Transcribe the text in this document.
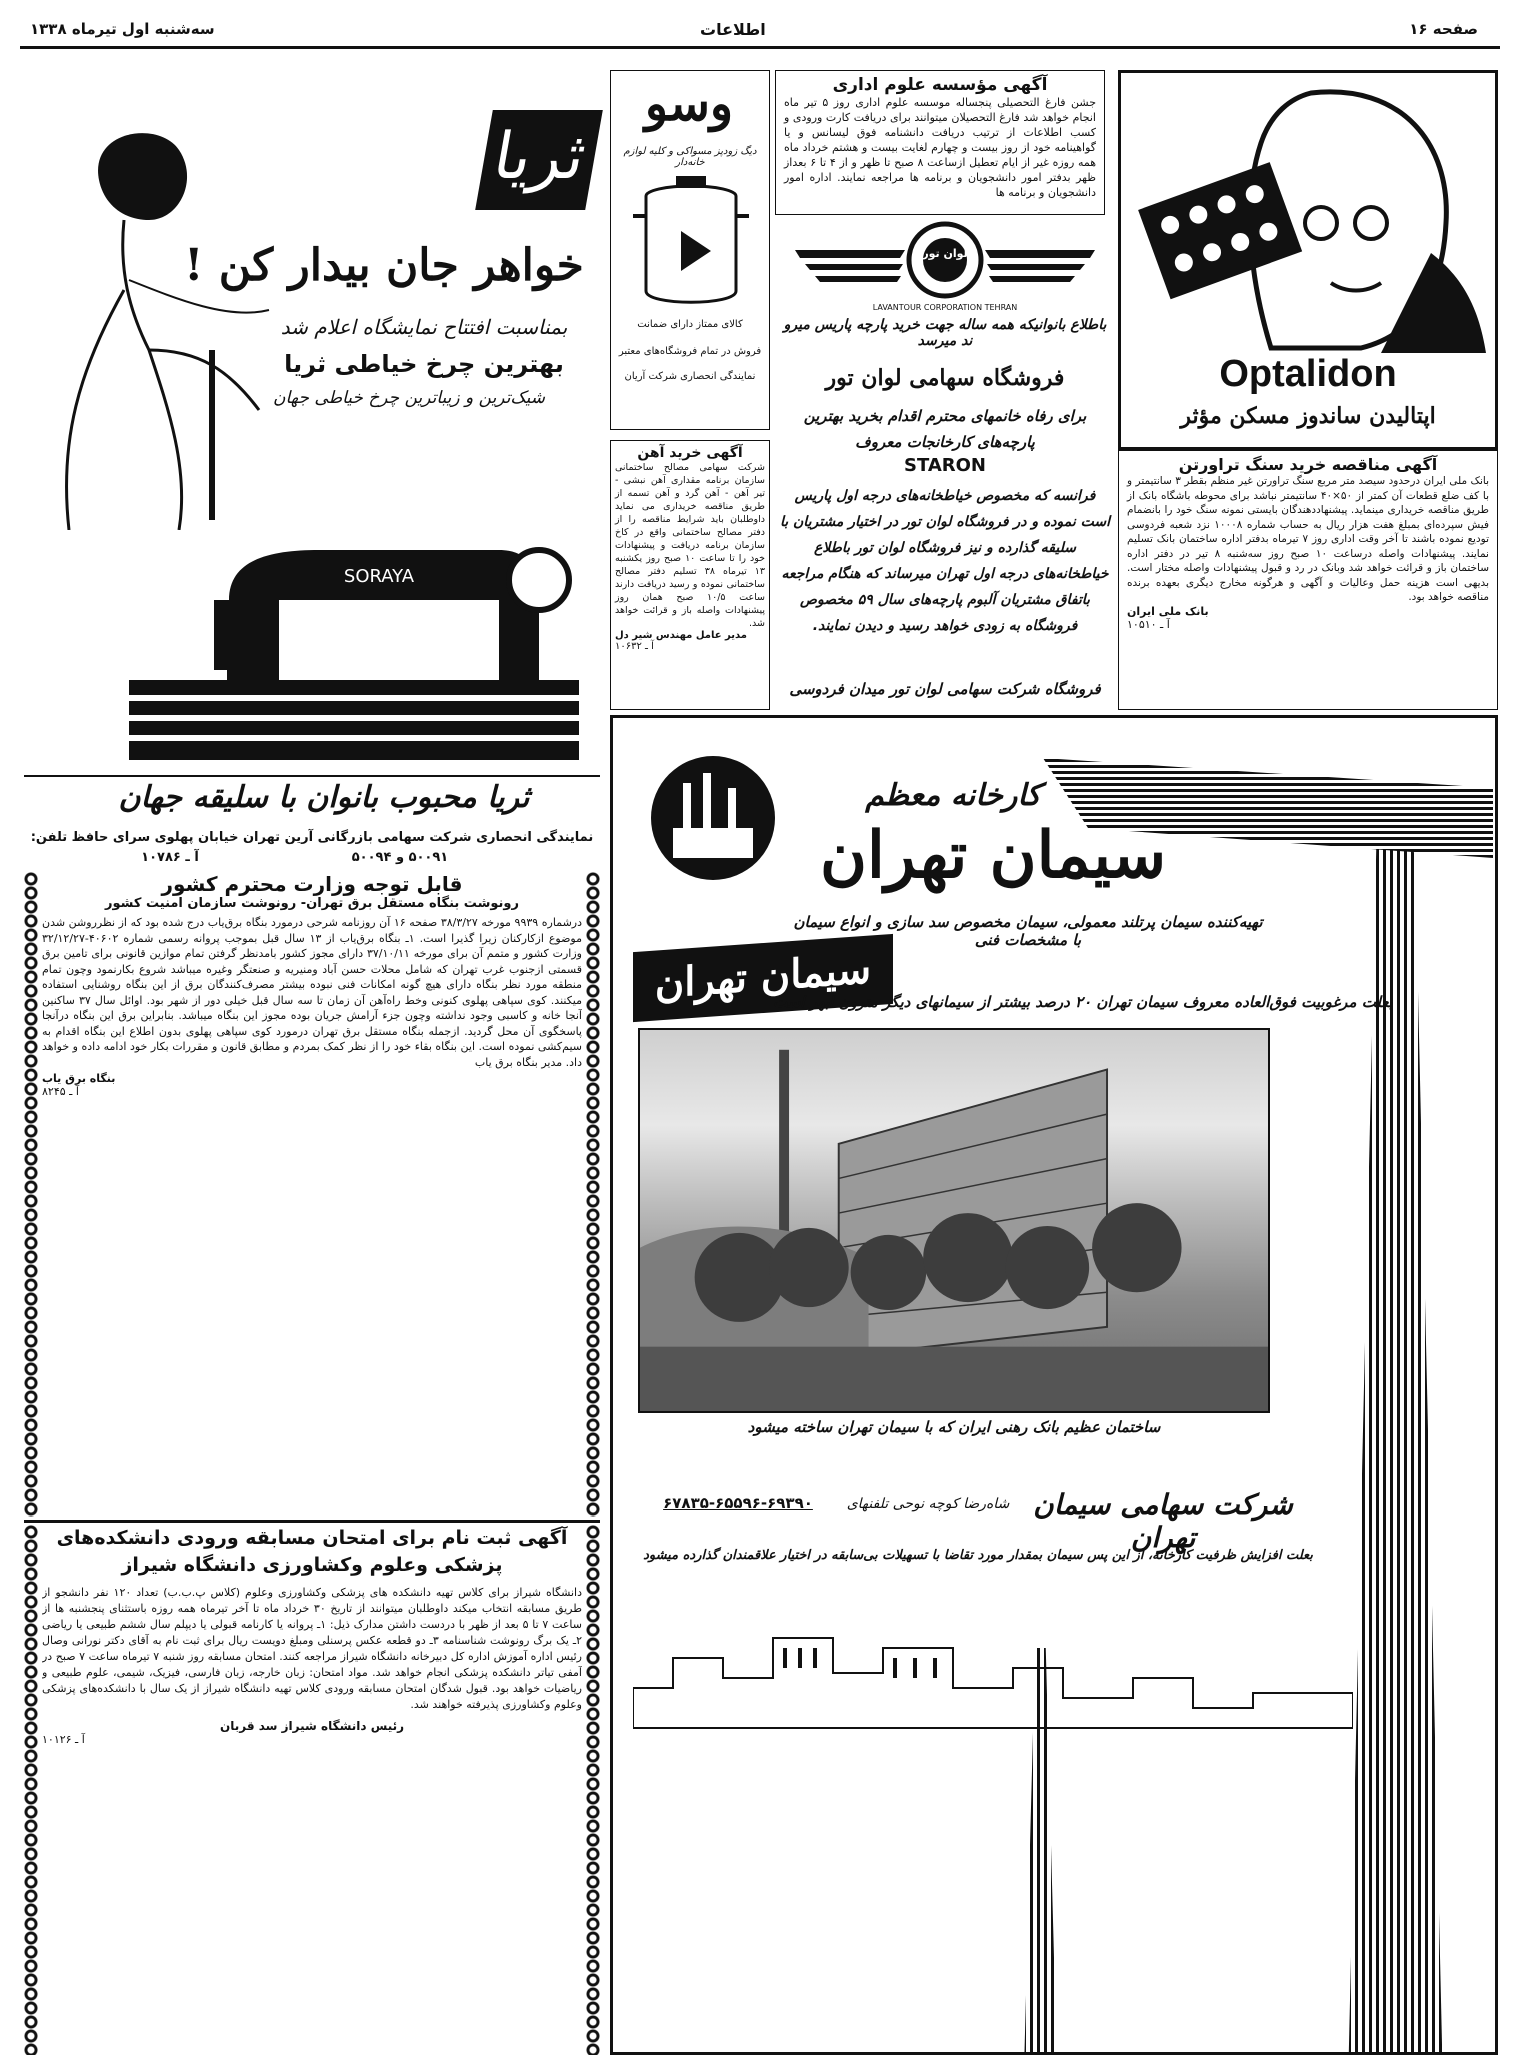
سه‌شنبه اول تیرماه ۱۳۳۸	اطلاعات	صفحه ۱۶
ثریا
خواهر جان بیدار کن !
بمناسبت افتتاح نمایشگاه اعلام شد
بهترین چرخ خیاطی ثریا
شیک‌ترین و زیباترین چرخ خیاطی جهان
SORAYA
ثریا محبوب بانوان با سلیقه جهان
نمایندگی انحصاری شرکت سهامی بازرگانی آرین تهران خیابان پهلوی سرای حافظ تلفن:
۵۰۰۹۱ و ۵۰۰۹۴
آ ـ ۱۰۷۸۶
وسو
دیگ زودپز مسواکی و کلیه لوازم خانه‌دار
کالای ممتاز دارای ضمانت
فروش در تمام فروشگاه‌های معتبر
نمایندگی انحصاری شرکت آریان
آگهی مؤسسه علوم اداری
جشن فارغ التحصیلی پنجساله موسسه علوم اداری روز ۵ تیر ماه انجام خواهد شد فارغ التحصیلان میتوانند برای دریافت کارت ورودی و کسب اطلاعات از ترتیب دریافت دانشنامه فوق لیسانس و یا گواهینامه خود از روز بیست و چهارم لغایت بیست و هشتم خرداد ماه همه روزه غیر از ایام تعطیل ازساعت ۸ صبح تا ظهر و از ۴ تا ۶ بعداز ظهر بدفتر امور دانشجویان و برنامه ها مراجعه نمایند. اداره امور دانشجویان و برنامه ها
Optalidon
اپتالیدن ساندوز مسکن مؤثر
لوان تور
LAVANTOUR CORPORATION TEHRAN
باطلاع بانوانیکه همه ساله جهت خرید پارچه پاریس میرو ند میرسد
فروشگاه سهامی لوان تور
برای رفاه خانمهای محترم اقدام بخرید بهترین پارچه‌های کارخانجات معروف
STARON
فرانسه که مخصوص خیاطخانه‌های درجه اول پاریس است نموده و در فروشگاه لوان تور در اختیار مشتریان با سلیقه گذارده و نیز فروشگاه لوان تور باطلاع خیاطخانه‌های درجه اول تهران میرساند که هنگام مراجعه باتفاق مشتریان آلبوم پارچه‌های سال ۵۹ مخصوص فروشگاه به زودی خواهد رسید و دیدن نمایند.
فروشگاه شرکت سهامی لوان تور میدان فردوسی
آگهی خرید آهن
شرکت سهامی مصالح ساختمانی سازمان برنامه مقداری آهن نبشی - تیر آهن - آهن گرد و آهن تسمه از طریق مناقصه خریداری می نماید داوطلبان باید شرایط مناقصه را از دفتر مصالح ساختمانی واقع در کاخ سازمان برنامه دریافت و پیشنهادات خود را تا ساعت ۱۰ صبح روز یکشنبه ۱۳ تیرماه ۳۸ تسلیم دفتر مصالح ساختمانی نموده و رسید دریافت دارند ساعت ۱۰/۵ صبح همان روز پیشنهادات واصله باز و قرائت خواهد شد.
مدیر عامل مهندس شیر دل
آ ـ ۱۰۶۳۲
آگهی مناقصه خرید سنگ تراورتن
بانک ملی ایران درحدود سیصد متر مربع سنگ تراورتن غیر منظم بقطر ۳ سانتیمتر و با کف ضلع قطعات آن کمتر از ۵۰×۴۰ سانتیمتر نباشد برای محوطه باشگاه بانک از طریق مناقصه خریداری مینماید. پیشنهاددهندگان بایستی نمونه سنگ خود را بانضمام فیش سپرده‌ای بمبلغ هفت هزار ریال به حساب شماره ۱۰۰۰۸ نزد شعبه فردوسی تودیع نموده باشند تا آخر وقت اداری روز ۷ تیرماه بدفتر اداره ساختمان بانک تسلیم نمایند. پیشنهادات واصله درساعت ۱۰ صبح روز سه‌شنبه ۸ تیر در دفتر اداره ساختمان باز و قرائت خواهد شد وبانک در رد و قبول پیشنهادات واصله مختار است. بدیهی است هزینه حمل وعالیات و آگهی و هرگونه مخارج دیگری بعهده برنده مناقصه خواهد بود.
بانک ملی ایران
آ ـ ۱۰۵۱۰
قابل توجه وزارت محترم کشور
رونوشت بنگاه مستقل برق تهران- رونوشت سازمان امنیت کشور
درشماره ۹۹۳۹ مورخه ۳۸/۳/۲۷ صفحه ۱۶ آن روزنامه شرحی درمورد بنگاه برق‌یاب درج شده بود که از نظرروشن شدن موضوع ازکارکنان زیرا گذیرا است. ۱ـ بنگاه برق‌یاب از ۱۳ سال قبل بموجب پروانه رسمی شماره ۴۰۶۰۲-۳۲/۱۲/۲۷ وزارت کشور و متمم آن برای مورخه ۳۷/۱۰/۱۱ دارای مجوز کشور بامدنظر گرفتن تمام موازین قانونی برای تامین برق قسمتی ازجنوب غرب تهران که شامل محلات حسن آباد ومنیریه و صنعتگر وغیره میباشد شروع بکارنمود وچون تمام منطقه مورد نظر بنگاه دارای هیچ گونه امکانات فنی نبوده بیشتر مصرف‌کنندگان برق از این بنگاه روشنایی استفاده میکنند. کوی سپاهی پهلوی کنونی وخط راه‌آهن آن زمان تا سه سال قبل خیلی دور از شهر بود. اوائل سال ۳۷ ساکنین آنجا خانه و کاسبی وجود نداشته وچون جزء آرامش جریان بوده مجوز این بنگاه میباشد. بنابراین برق این بنگاه درآنجا پاسخگوی آن محل گردید. ازجمله بنگاه مستقل برق تهران درمورد کوی سپاهی پهلوی بدون اطلاع این بنگاه اقدام به سیم‌کشی نموده است. این بنگاه بقاء خود را از نظر کمک بمردم و مطابق قانون و مقررات بکار خود ادامه داده و خواهد داد. مدیر بنگاه برق یاب
بنگاه برق یاب
آ ـ ۸۲۴۵
آگهی ثبت نام برای امتحان مسابقه ورودی دانشکده‌های پزشکی وعلوم وکشاورزی دانشگاه شیراز
دانشگاه شیراز برای کلاس تهیه دانشکده های پزشکی وکشاورزی وعلوم (کلاس پ.ب.ب) تعداد ۱۲۰ نفر دانشجو از طریق مسابقه انتخاب میکند داوطلبان میتوانند از تاریخ ۳۰ خرداد ماه تا آخر تیرماه همه روزه باستثنای پنجشنبه ها از ساعت ۷ تا ۵ بعد از ظهر با دردست داشتن مدارک ذیل: ۱ـ پروانه یا کارنامه قبولی یا دیپلم سال ششم طبیعی یا ریاضی ۲ـ یک برگ رونوشت شناسنامه ۳ـ دو قطعه عکس پرسنلی ومبلغ دویست ریال برای ثبت نام به آقای دکتر نورانی وصال رئیس اداره آموزش اداره کل دبیرخانه دانشگاه شیراز مراجعه کنند. امتحان مسابقه روز شنبه ۷ تیرماه ساعت ۷ صبح در آمفی تیاتر دانشکده پزشکی انجام خواهد شد. مواد امتحان: زبان خارجه، زبان فارسی، فیزیک، شیمی، علوم طبیعی و ریاضیات خواهد بود. قبول شدگان امتحان مسابقه ورودی کلاس تهیه دانشگاه شیراز از یک سال با دانشکده‌های پزشکی وعلوم وکشاورزی پذیرفته خواهند شد.
رئیس دانشگاه شیراز سد قربان
آ ـ ۱۰۱۲۶
کارخانه معظم
سیمان تهران
تهیه‌کننده سیمان پرتلند معمولی، سیمان مخصوص سد سازی و انواع سیمان با مشخصات فنی
سیمان تهران
بعلت مرغوبیت فوق‌العاده معروف سیمان تهران ۲۰ درصد بیشتر از سیمانهای دیگر مترون ابهر است
ساختمان عظیم بانک رهنی ایران که با سیمان تهران ساخته میشود
شرکت سهامی سیمان تهران
شاه‌رضا کوچه نوحی تلفنهای
۶۷۸۳۵-۶۵۵۹۶-۶۹۳۹۰
بعلت افزایش ظرفیت کارخانه، از این پس سیمان بمقدار مورد تقاضا با تسهیلات بی‌سابقه در اختیار علاقمندان گذارده میشود
